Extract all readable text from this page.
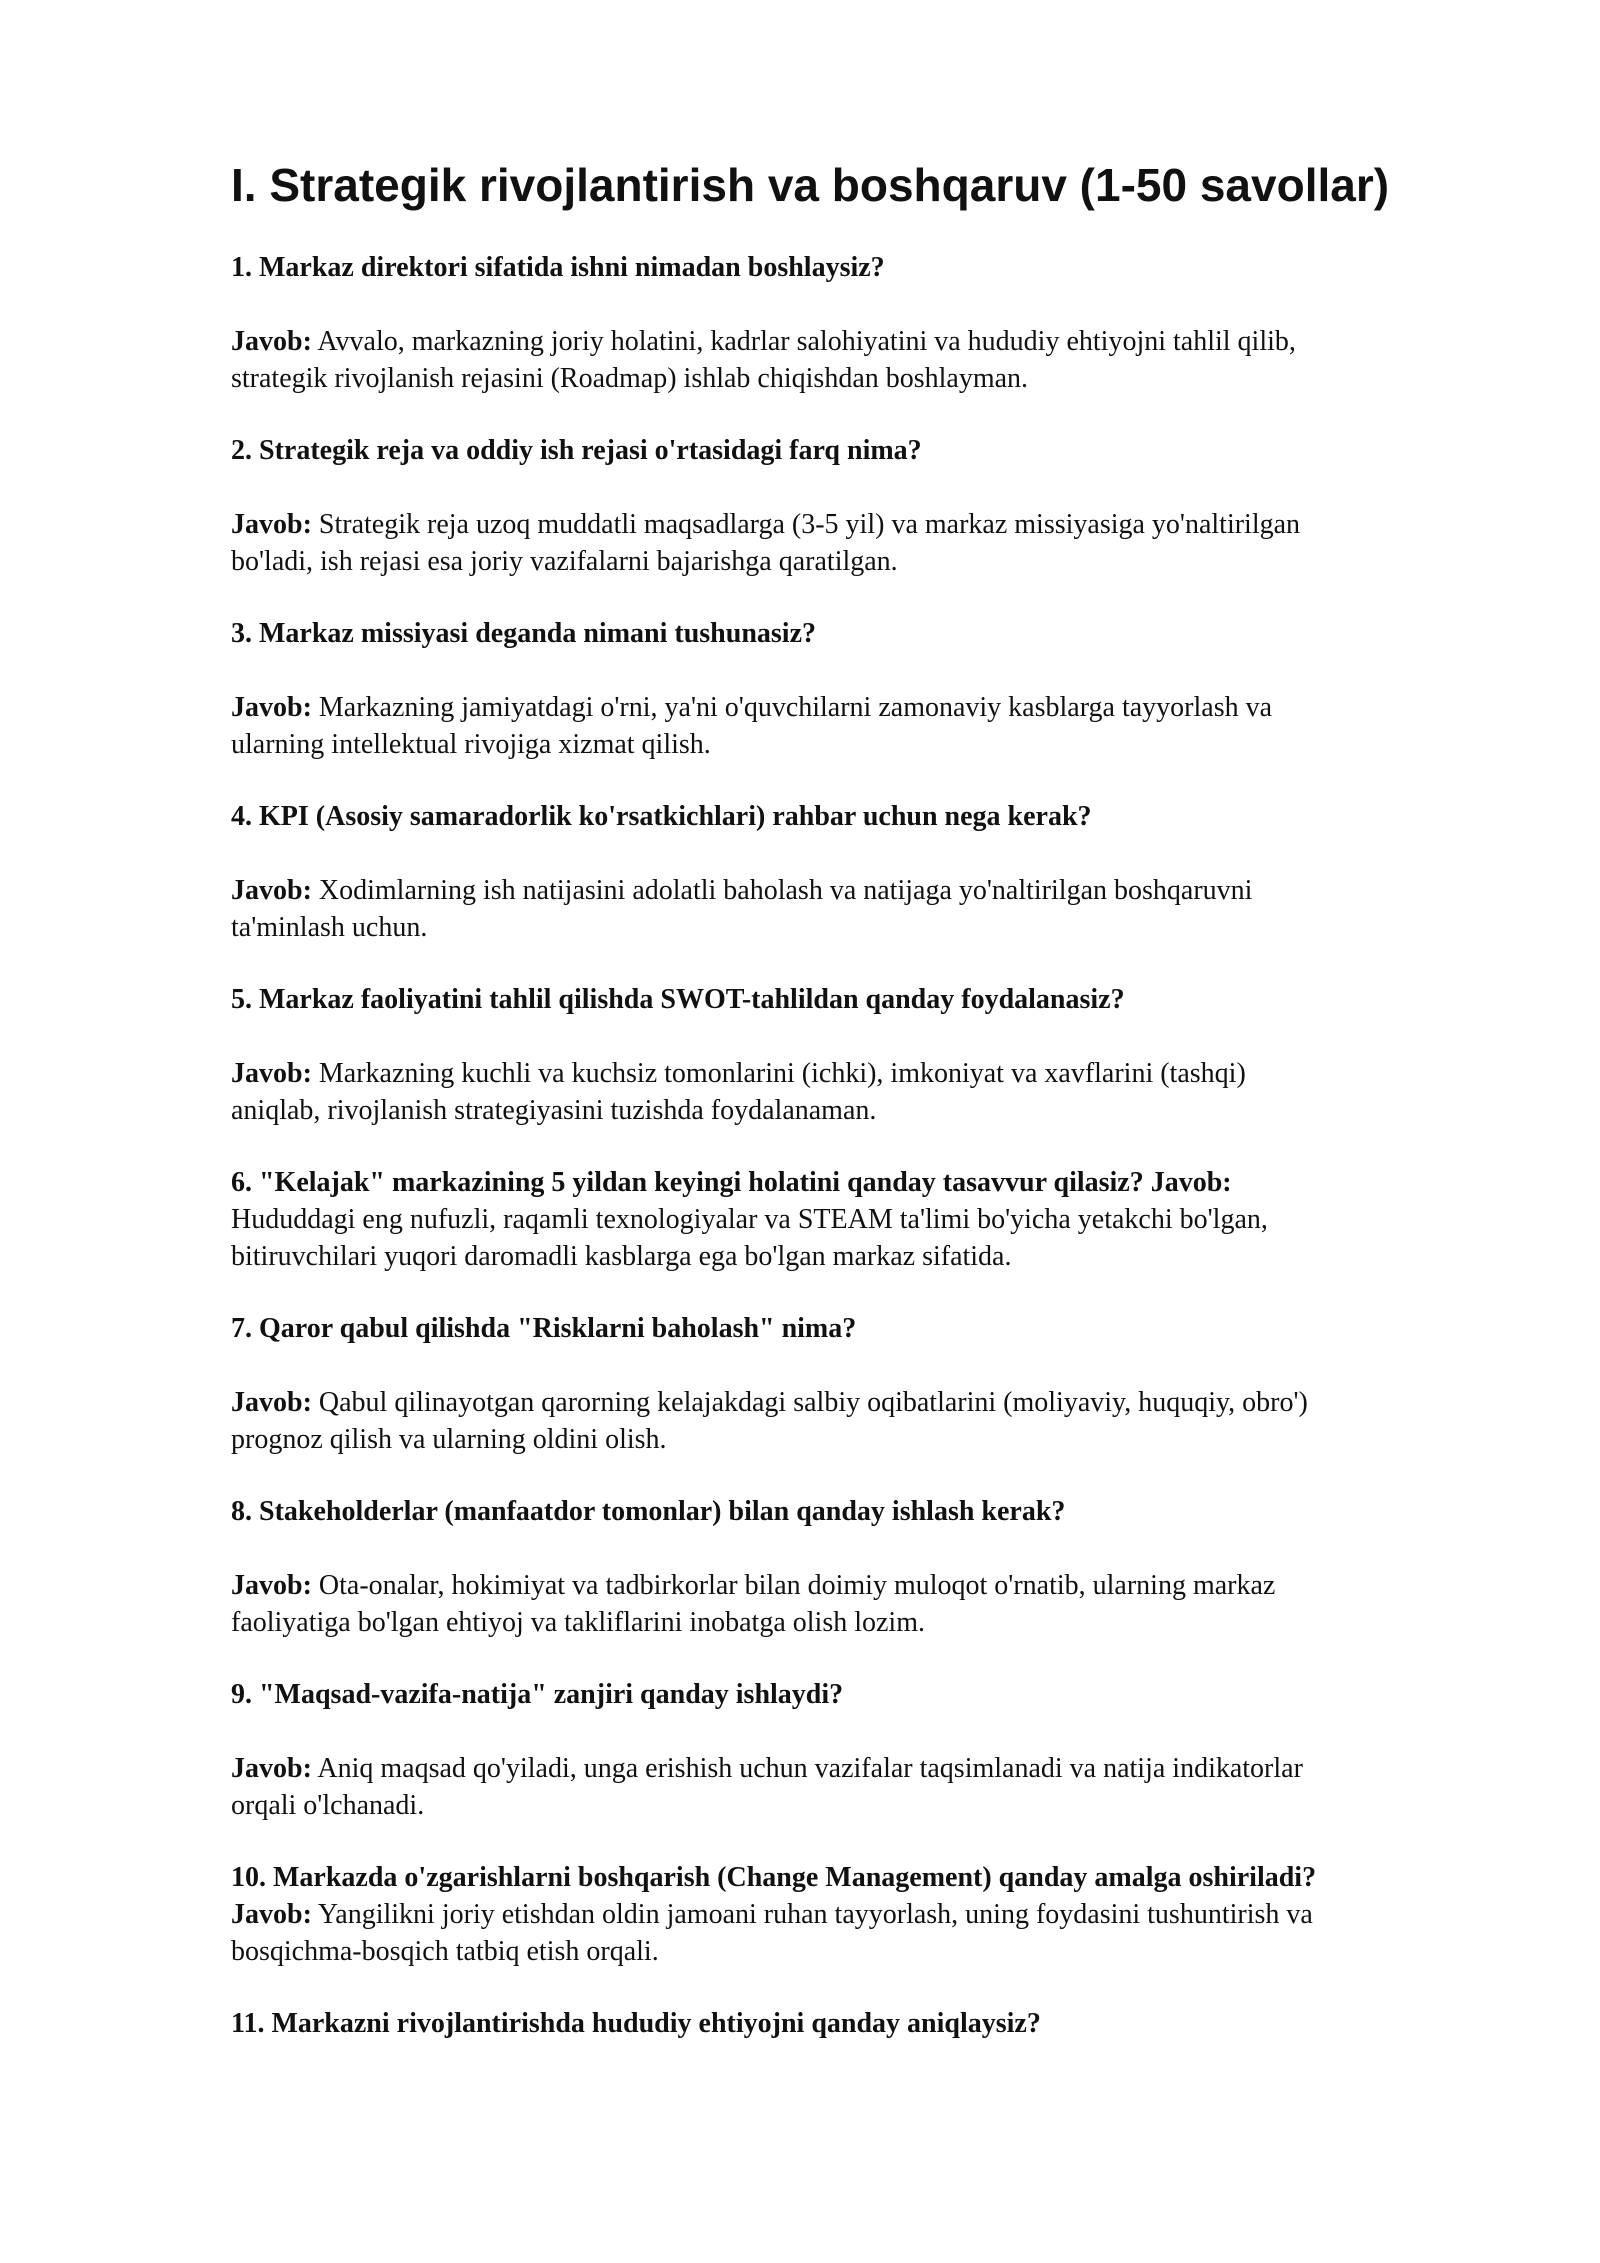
I. Strategik rivojlantirish va boshqaruv (1-50 savollar)

1. Markaz direktori sifatida ishni nimadan boshlaysiz?

Javob: Avvalo, markazning joriy holatini, kadrlar salohiyatini va hududiy ehtiyojni tahlil qilib,
strategik rivojlanish rejasini (Roadmap) ishlab chiqishdan boshlayman.

2. Strategik reja va oddiy ish rejasi o'rtasidagi farq nima?

Javob: Strategik reja uzoq muddatli maqsadlarga (3-5 yil) va markaz missiyasiga yo'naltirilgan
bo'ladi, ish rejasi esa joriy vazifalarni bajarishga qaratilgan.

3. Markaz missiyasi deganda nimani tushunasiz?

Javob: Markazning jamiyatdagi o'rni, ya'ni o'quvchilarni zamonaviy kasblarga tayyorlash va
ularning intellektual rivojiga xizmat qilish.

4. KPI (Asosiy samaradorlik ko'rsatkichlari) rahbar uchun nega kerak?

Javob: Xodimlarning ish natijasini adolatli baholash va natijaga yo'naltirilgan boshqaruvni
ta'minlash uchun.

5. Markaz faoliyatini tahlil qilishda SWOT-tahlildan qanday foydalanasiz?

Javob: Markazning kuchli va kuchsiz tomonlarini (ichki), imkoniyat va xavflarini (tashqi)
aniqlab, rivojlanish strategiyasini tuzishda foydalanaman.

6. "Kelajak" markazining 5 yildan keyingi holatini qanday tasavvur qilasiz? Javob:
Hududdagi eng nufuzli, raqamli texnologiyalar va STEAM ta'limi bo'yicha yetakchi bo'lgan,
bitiruvchilari yuqori daromadli kasblarga ega bo'lgan markaz sifatida.

7. Qaror qabul qilishda "Risklarni baholash" nima?

Javob: Qabul qilinayotgan qarorning kelajakdagi salbiy oqibatlarini (moliyaviy, huquqiy, obro')
prognoz qilish va ularning oldini olish.

8. Stakeholderlar (manfaatdor tomonlar) bilan qanday ishlash kerak?

Javob: Ota-onalar, hokimiyat va tadbirkorlar bilan doimiy muloqot o'rnatib, ularning markaz
faoliyatiga bo'lgan ehtiyoj va takliflarini inobatga olish lozim.

9. "Maqsad-vazifa-natija" zanjiri qanday ishlaydi?

Javob: Aniq maqsad qo'yiladi, unga erishish uchun vazifalar taqsimlanadi va natija indikatorlar
orqali o'lchanadi.

10. Markazda o'zgarishlarni boshqarish (Change Management) qanday amalga oshiriladi?

Javob: Yangilikni joriy etishdan oldin jamoani ruhan tayyorlash, uning foydasini tushuntirish va
bosqichma-bosqich tatbiq etish orqali.

11. Markazni rivojlantirishda hududiy ehtiyojni qanday aniqlaysiz?
